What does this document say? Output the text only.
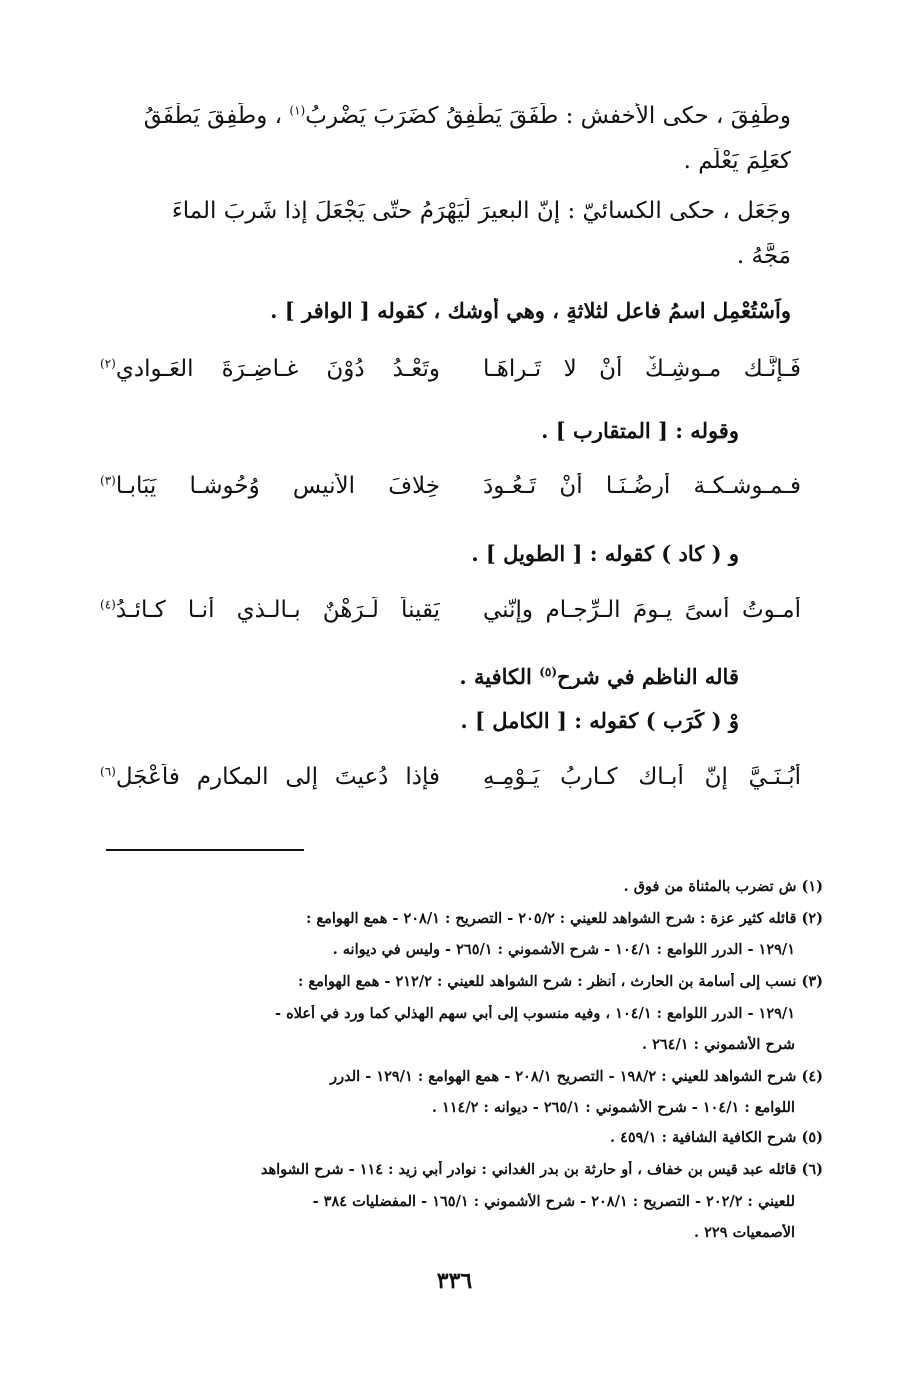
وطَفِقَ ، حكى الأخفش : طَفَقَ يَطْفِقُ كضَرَبَ يَضْرِبُ$^{(١)}$ ، وطَفِقَ يَطْفَقُ
كعَلِمَ يَعْلَم .
وجَعَل ، حكى الكسائيّ : إنّ البعيرَ لَيَهْرَمُ حتّى يَجْعَلَ إذا شَرِبَ الماءَ
مَجَّهُ .
واَسْتُعْمِل اسمُ فاعل لثلاثةٍ ، وهي أوشك ، كقوله [ الوافر ] .
فَـإنَّـك مـوشِـكٌ أنْ لا تَـراهَـا
وتَعْـدُ دُوْنَ غـاضِـرَةَ العَـوادي$^{(٢)}$
وقوله : [ المتقارب ] .
فـمـوشـكـة أرضُـنَـا أنْ تَـعُـودَ
خِلافَ الأنيسِ وُحُوشـا يَبَابـا$^{(٣)}$
و ( كاد ) كقوله : [ الطويل ] .
أمـوتُ أسىً يـومَ الـرِّجـامِ وإنّني
يَقيناً لَـرَهْنٌ بـالـذي أنـا كـائـدُ$^{(٤)}$
قاله الناظم في شرح$^{(٥)}$ الكافية .
وْ ( كَرَب ) كقوله : [ الكامل ] .
أبُـنَـيَّ إنّ أبـاك كـاربُ يَـوْمِـهِ
فإذا دُعيتَ إلى المكارمِ فاَعْجَلِ$^{(٦)}$
(١) ش تضرب بالمثناة من فوق .
(٢) قائله كثير عزة : شرح الشواهد للعيني : ٢٠٥/٢ - التصريح : ٢٠٨/١ - همع الهوامع :
١٢٩/١ - الدرر اللوامع : ١٠٤/١ - شرح الأشموني : ٢٦٥/١ - وليس في ديوانه .
(٣) نسب إلى أسامة بن الحارث ، أنظر : شرح الشواهد للعيني : ٢١٢/٢ - همع الهوامع :
١٢٩/١ - الدرر اللوامع : ١٠٤/١ ، وفيه منسوب إلى أبي سهم الهذلي كما ورد في أعلاه -
شرح الأشموني : ٢٦٤/١ .
(٤) شرح الشواهد للعيني : ١٩٨/٢ - التصريح ٢٠٨/١ - همع الهوامع : ١٢٩/١ - الدرر
اللوامع : ١٠٤/١ - شرح الأشموني : ٢٦٥/١ - ديوانه : ١١٤/٢ .
(٥) شرح الكافية الشافية : ٤٥٩/١ .
(٦) قائله عبد قيس بن خفاف ، أو حارثة بن بدر الغداني : نوادر أبي زيد : ١١٤ - شرح الشواهد
للعيني : ٢٠٢/٢ - التصريح : ٢٠٨/١ - شرح الأشموني : ١٦٥/١ - المفضليات ٣٨٤ -
الأصمعيات ٢٢٩ .
٣٣٦
